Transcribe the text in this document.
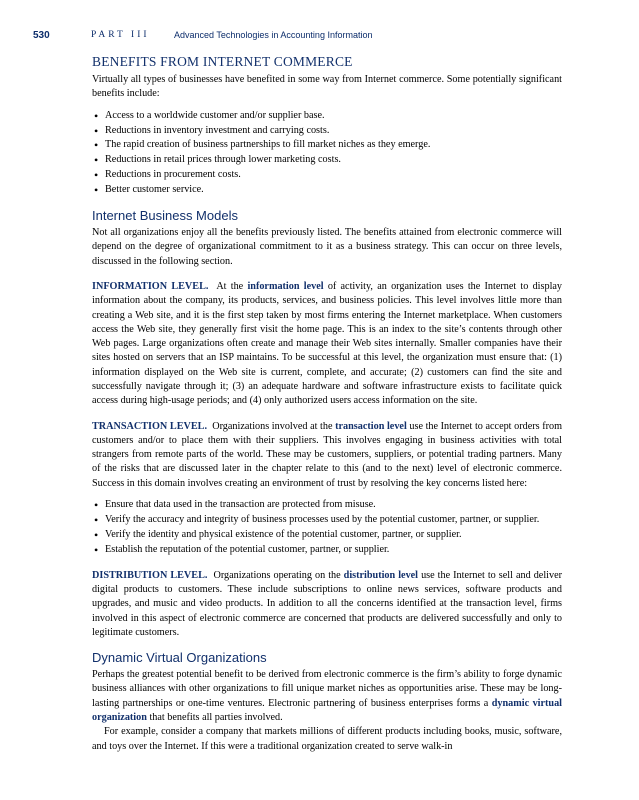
530	PART III	Advanced Technologies in Accounting Information
BENEFITS FROM INTERNET COMMERCE

Virtually all types of businesses have benefited in some way from Internet commerce. Some potentially significant benefits include:

• Access to a worldwide customer and/or supplier base.
• Reductions in inventory investment and carrying costs.
• The rapid creation of business partnerships to fill market niches as they emerge.
• Reductions in retail prices through lower marketing costs.
• Reductions in procurement costs.
• Better customer service.
Internet Business Models

Not all organizations enjoy all the benefits previously listed. The benefits attained from electronic commerce will depend on the degree of organizational commitment to it as a business strategy. This can occur on three levels, discussed in the following section.

INFORMATION LEVEL. At the information level of activity, an organization uses the Internet to display information about the company, its products, services, and business policies. This level involves little more than creating a Web site, and it is the first step taken by most firms entering the Internet marketplace. When customers access the Web site, they generally first visit the home page. This is an index to the site’s contents through other Web pages. Large organizations often create and manage their Web sites internally. Smaller companies have their sites hosted on servers that an ISP maintains. To be successful at this level, the organization must ensure that: (1) information displayed on the Web site is current, complete, and accurate; (2) customers can find the site and successfully navigate through it; (3) an adequate hardware and software infrastructure exists to facilitate quick access during high-usage periods; and (4) only authorized users access information on the site.

TRANSACTION LEVEL. Organizations involved at the transaction level use the Internet to accept orders from customers and/or to place them with their suppliers. This involves engaging in business activities with total strangers from remote parts of the world. These may be customers, suppliers, or potential trading partners. Many of the risks that are discussed later in the chapter relate to this (and to the next) level of electronic commerce. Success in this domain involves creating an environment of trust by resolving the key concerns listed here:

• Ensure that data used in the transaction are protected from misuse.
• Verify the accuracy and integrity of business processes used by the potential customer, partner, or supplier.
• Verify the identity and physical existence of the potential customer, partner, or supplier.
• Establish the reputation of the potential customer, partner, or supplier.

DISTRIBUTION LEVEL. Organizations operating on the distribution level use the Internet to sell and deliver digital products to customers. These include subscriptions to online news services, software products and upgrades, and music and video products. In addition to all the concerns identified at the transaction level, firms involved in this aspect of electronic commerce are concerned that products are delivered successfully and only to legitimate customers.

Dynamic Virtual Organizations

Perhaps the greatest potential benefit to be derived from electronic commerce is the firm’s ability to forge dynamic business alliances with other organizations to fill unique market niches as opportunities arise. These may be long-lasting partnerships or one-time ventures. Electronic partnering of business enterprises forms a dynamic virtual organization that benefits all parties involved.

For example, consider a company that markets millions of different products including books, music, software, and toys over the Internet. If this were a traditional organization created to serve walk-in
